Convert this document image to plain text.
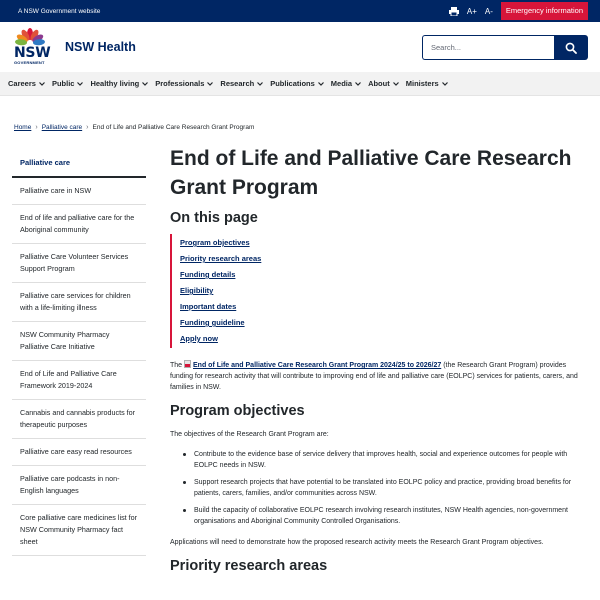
A NSW Government website	A+ A-	Emergency information
NSW
GOVERNMENT
NSW Health	Search...
Careers Public Healthy living Professionals Research Publications Media About Ministers
Home › Palliative care › End of Life and Palliative Care Research Grant Program
Palliative care
Palliative care in NSW
End of life and palliative care for the Aboriginal community
Palliative Care Volunteer Services Support Program
Palliative care services for children with a life-limiting illness
NSW Community Pharmacy Palliative Care Initiative
End of Life and Palliative Care Framework 2019-2024
Cannabis and cannabis products for therapeutic purposes
Palliative care easy read resources
Palliative care podcasts in non-English languages
Core palliative care medicines list for NSW Community Pharmacy fact sheet
End of Life and Palliative Care Research Grant Program
On this page
Program objectives
Priority research areas
Funding details
Eligibility
Important dates
Funding guideline
Apply now

The End of Life and Palliative Care Research Grant Program 2024/25 to 2026/27 (the Research Grant Program) provides funding for research activity that will contribute to improving end of life and palliative care (EOLPC) services for patients, carers, and families in NSW.

Program objectives

The objectives of the Research Grant Program are:

Contribute to the evidence base of service delivery that improves health, social and experience outcomes for people with EOLPC needs in NSW.
Support research projects that have potential to be translated into EOLPC policy and practice, providing broad benefits for patients, carers, families, and/or communities across NSW.
Build the capacity of collaborative EOLPC research involving research institutes, NSW Health agencies, non-government organisations and Aboriginal Community Controlled Organisations.

Applications will need to demonstrate how the proposed research activity meets the Research Grant Program objectives.

Priority research areas
